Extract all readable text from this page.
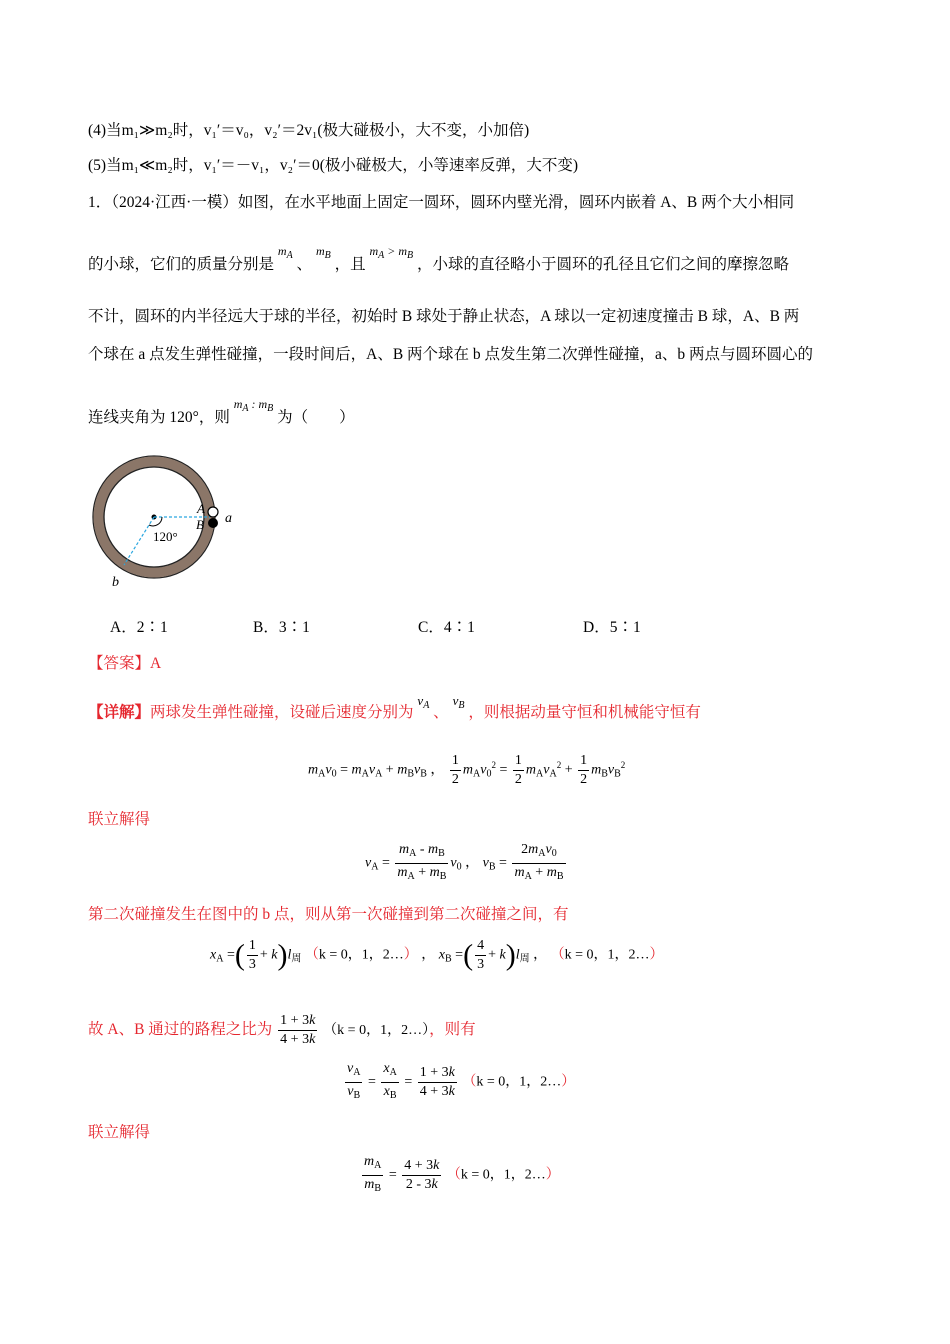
(4)当m₁≫m₂时，v₁′＝v₀，v₂′＝2v₁(极大碰极小，大不变，小加倍)
(5)当m₁≪m₂时，v₁′＝－v₁，v₂′＝0(极小碰极大，小等速率反弹，大不变)
1．（2024·江西·一模）如图，在水平地面上固定一圆环，圆环内壁光滑，圆环内嵌着 A、B 两个大小相同
的小球，它们的质量分别是 $^{m_A}$ 、 $^{m_B}$ ，且 $^{m_A > m_B}$ ，小球的直径略小于圆环的孔径且它们之间的摩擦忽略
不计，圆环的内半径远大于球的半径，初始时 B 球处于静止状态，A 球以一定初速度撞击 B 球，A、B 两
个球在 a 点发生弹性碰撞，一段时间后，A、B 两个球在 b 点发生第二次弹性碰撞，a、b 两点与圆环圆心的
连线夹角为 120°，则 $^{m_A : m_B}$ 为（　　）
A
B a
b
120°
A．2∶1	B．3∶1	C．4∶1	D．5∶1
【答案】A
【详解】两球发生弹性碰撞，设碰后速度分别为 $^{v_A}$ 、 $^{v_B}$ ，则根据动量守恒和机械能守恒有
$m_Av_0 = m_Av_A + m_Bv_B$ ， $\frac{1}{2} m_Av_0^2 = \frac{1}{2} m_Av_A^2 + \frac{1}{2} m_Bv_B^2$
联立解得
$v_A = \frac{m_A - m_B}{m_A + m_B} v_0$ ， $v_B = \frac{2m_Av_0}{m_A + m_B}$
第二次碰撞发生在图中的 b 点，则从第一次碰撞到第二次碰撞之间，有
$x_A$ =( $\frac{1}{3} + k)l_周$ （k = 0，1，2…） ， $x_B$ =( $\frac{4}{3} + k)l_周$ ， （k = 0，1，2…）
故 A、B 通过的路程之比为 $\frac{1 + 3k}{4 + 3k} (k = 0$，1，2…），则有
$\frac{v_A}{v_B} = \frac{x_A}{x_B} = \frac{1 + 3k}{4 + 3k} (k = 0$，1，2…）
联立解得
$\frac{m_A}{m_B} = \frac{4 + 3k}{2 - 3k} (k = 0$，1，2…）
